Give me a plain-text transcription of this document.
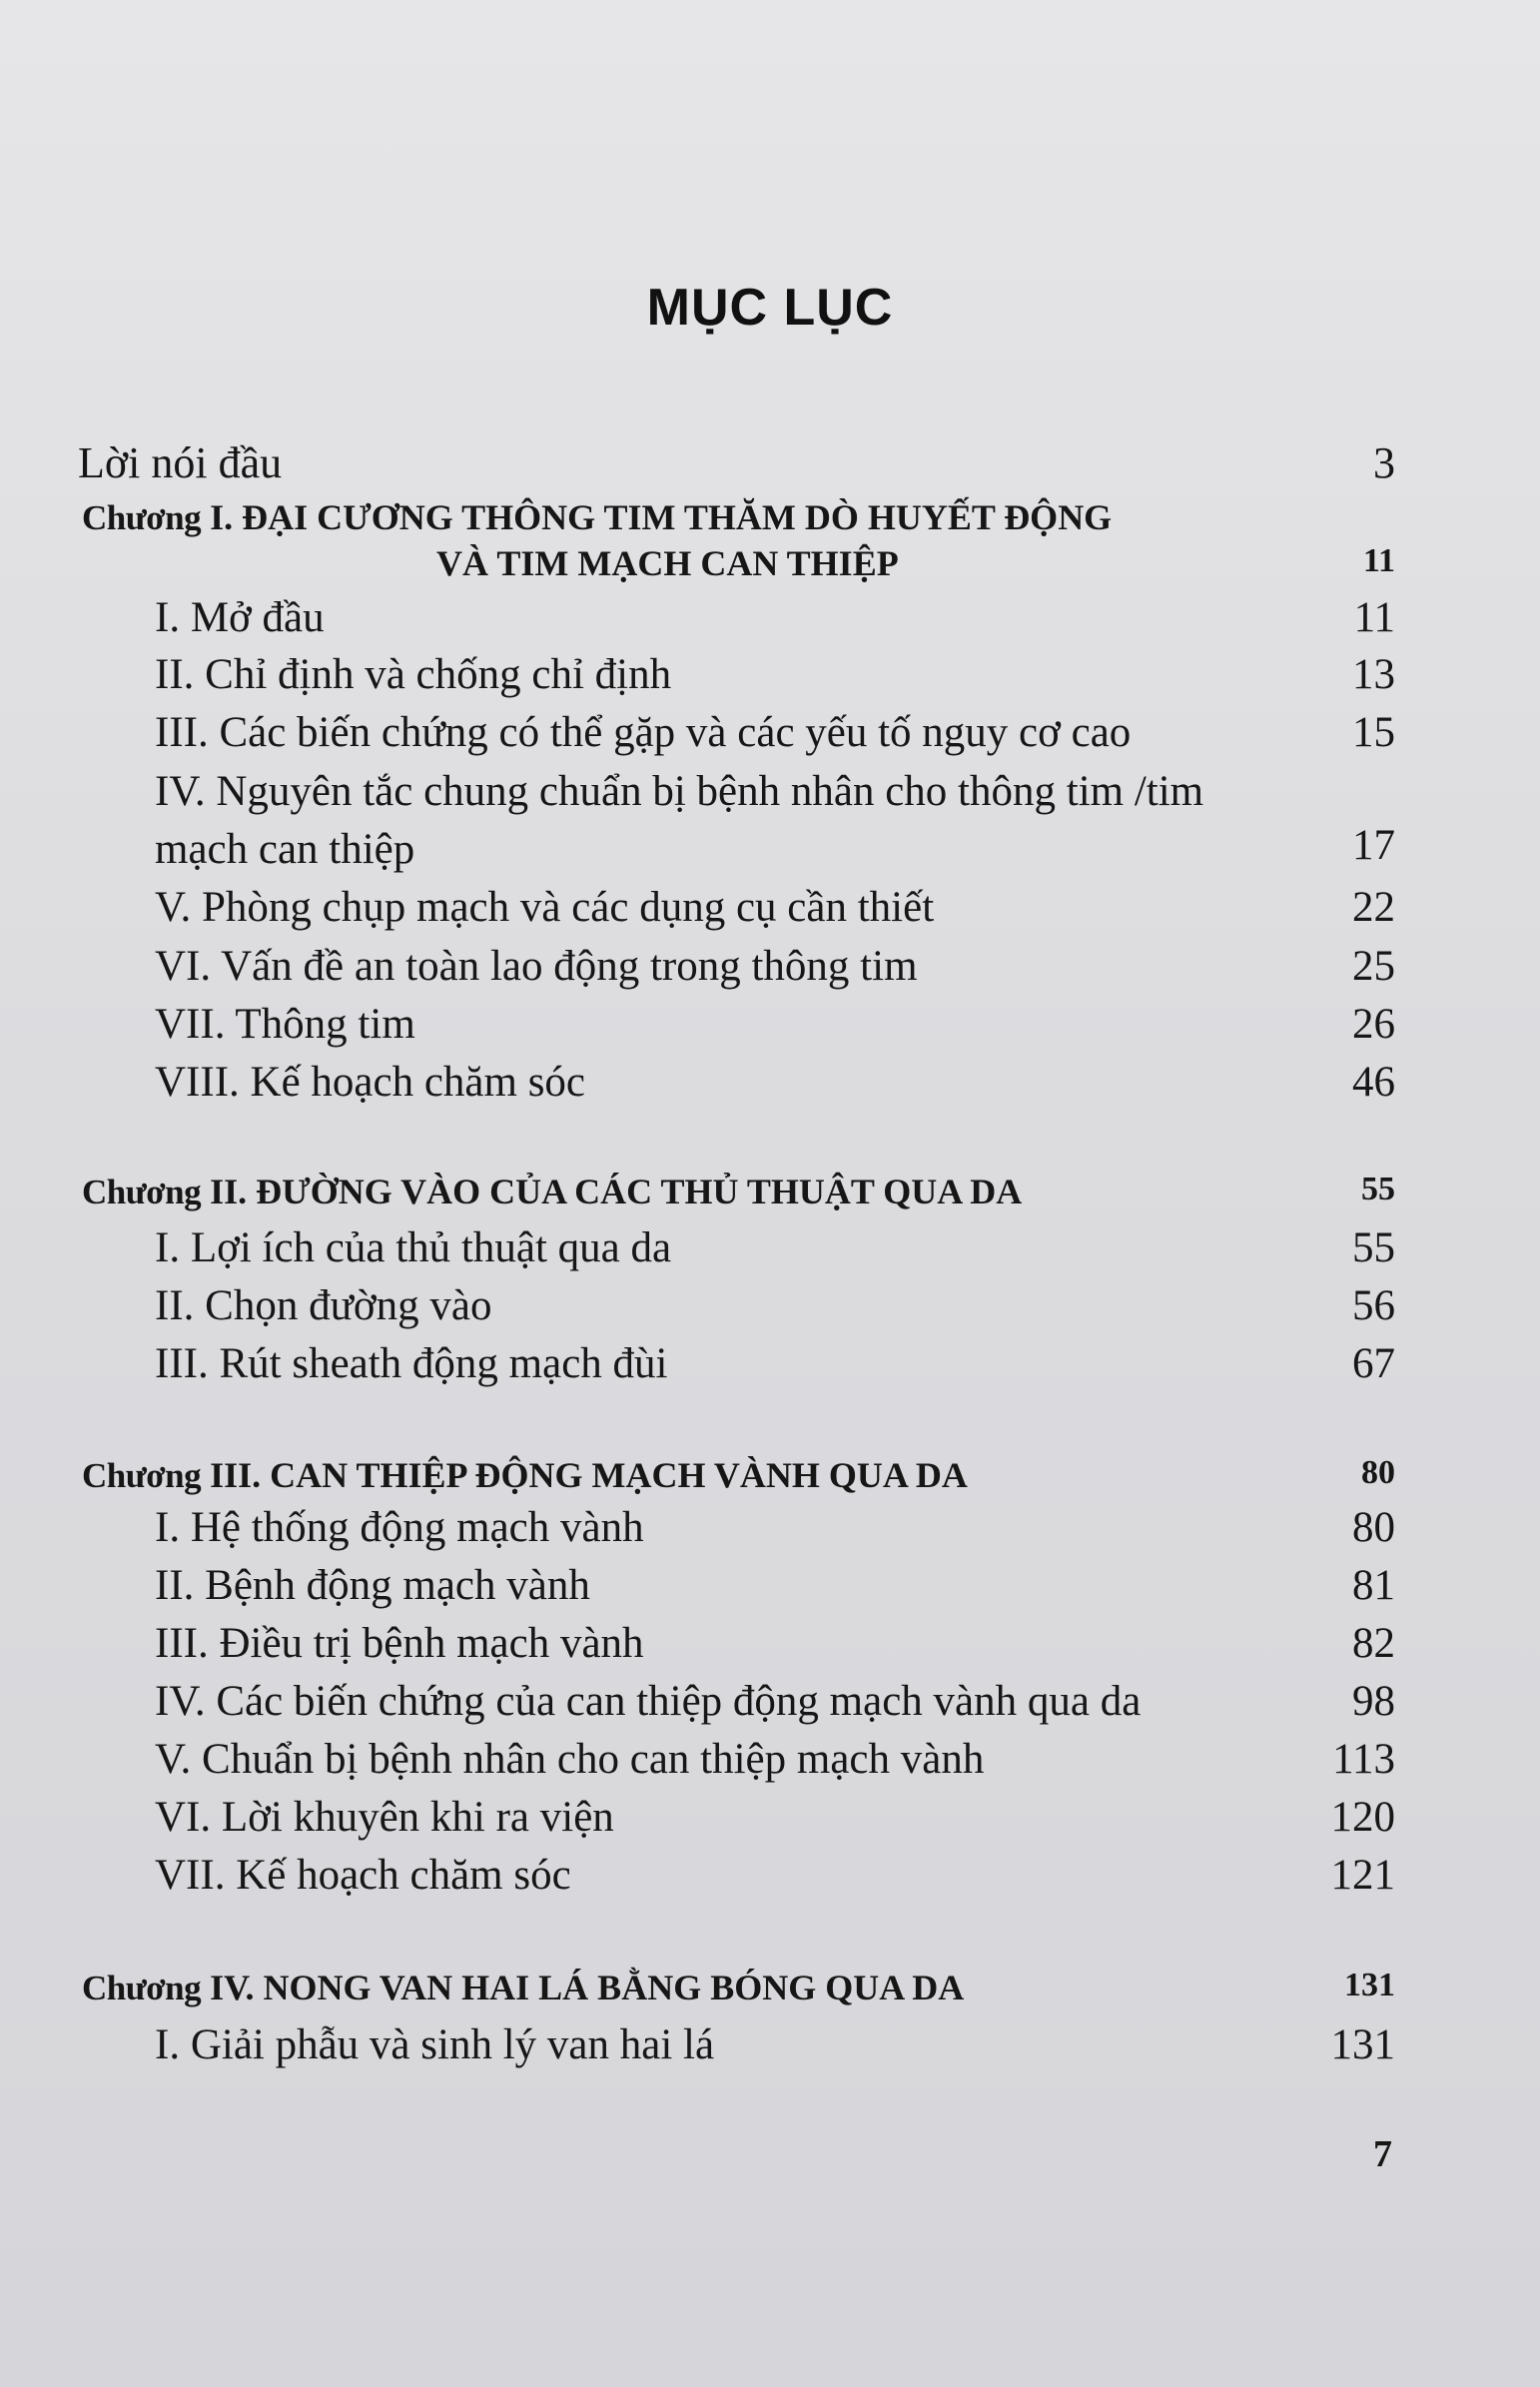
MỤC LỤC
Lời nói đầu	3
Chương I. ĐẠI CƯƠNG THÔNG TIM THĂM DÒ HUYẾT ĐỘNG
VÀ TIM MẠCH CAN THIỆP	11
I. Mở đầu	11
II. Chỉ định và chống chỉ định	13
III. Các biến chứng có thể gặp và các yếu tố nguy cơ cao	15
IV. Nguyên tắc chung chuẩn bị bệnh nhân cho thông tim /tim
mạch can thiệp	17
V. Phòng chụp mạch và các dụng cụ cần thiết	22
VI. Vấn đề an toàn lao động trong thông tim	25
VII. Thông tim	26
VIII. Kế hoạch chăm sóc	46
Chương II. ĐƯỜNG VÀO CỦA CÁC THỦ THUẬT QUA DA	55
I. Lợi ích của thủ thuật qua da	55
II. Chọn đường vào	56
III. Rút sheath động mạch đùi	67
Chương III. CAN THIỆP ĐỘNG MẠCH VÀNH QUA DA	80
I. Hệ thống động mạch vành	80
II. Bệnh động mạch vành	81
III. Điều trị bệnh mạch vành	82
IV. Các biến chứng của can thiệp động mạch vành qua da	98
V. Chuẩn bị bệnh nhân cho can thiệp mạch vành	113
VI. Lời khuyên khi ra viện	120
VII. Kế hoạch chăm sóc	121
Chương IV. NONG VAN HAI LÁ BẰNG BÓNG QUA DA	131
I. Giải phẫu và sinh lý van hai lá	131
7
